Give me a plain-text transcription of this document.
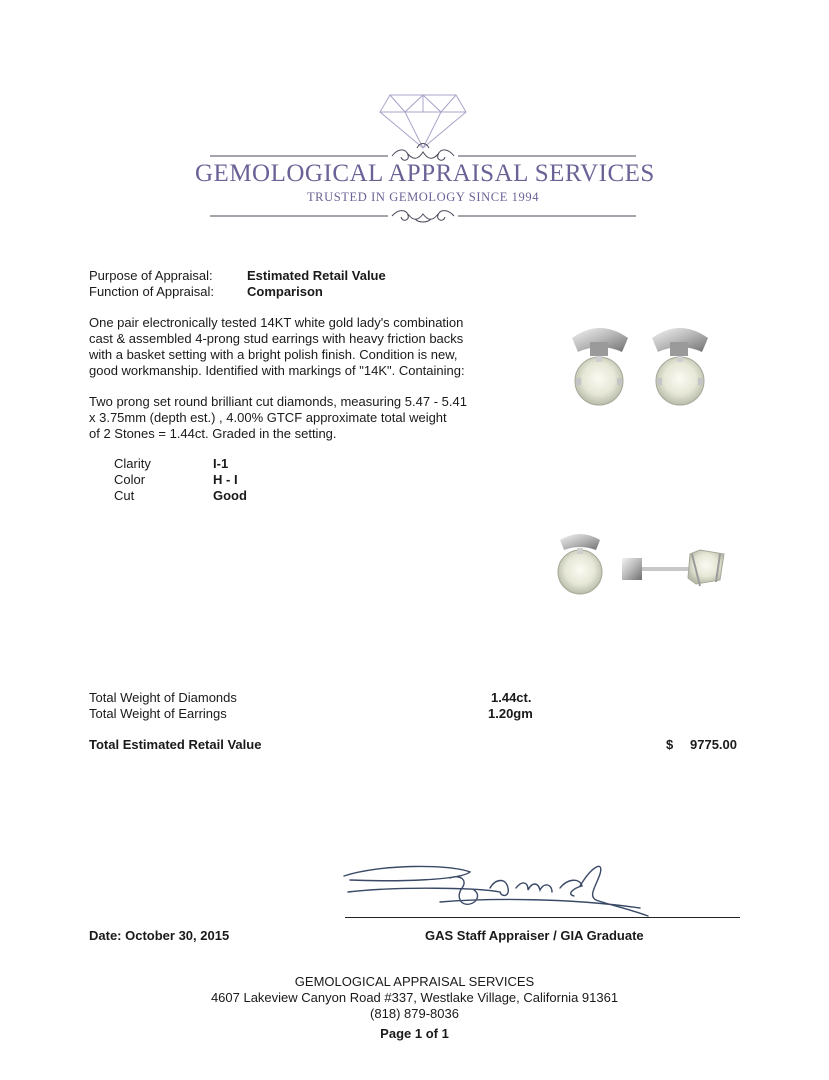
GEMOLOGICAL APPRAISAL SERVICES
TRUSTED IN GEMOLOGY SINCE 1994
Purpose of Appraisal:	Estimated Retail Value
Function of Appraisal:	Comparison
One pair electronically tested 14KT white gold lady's combination
cast & assembled 4-prong stud earrings with heavy friction backs
with a basket setting with a bright polish finish. Condition is new,
good workmanship. Identified with markings of "14K". Containing:
Two prong set round brilliant cut diamonds, measuring 5.47 - 5.41
x 3.75mm (depth est.) , 4.00% GTCF approximate total weight
of 2 Stones = 1.44ct. Graded in the setting.
Clarity	I-1
Color	H - I
Cut	Good
Total Weight of Diamonds	1.44ct.
Total Weight of Earrings	1.20gm
Total Estimated Retail Value	$ 9775.00
Date: October 30, 2015	GAS Staff Appraiser / GIA Graduate
GEMOLOGICAL APPRAISAL SERVICES
4607 Lakeview Canyon Road #337, Westlake Village, California 91361
(818) 879-8036
Page 1 of 1
